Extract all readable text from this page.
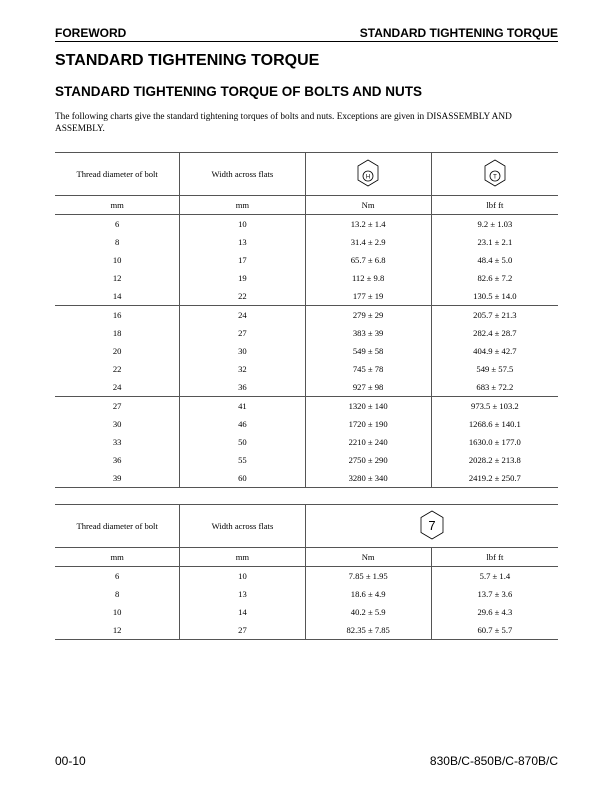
FOREWORD	STANDARD TIGHTENING TORQUE
STANDARD TIGHTENING TORQUE
STANDARD TIGHTENING TORQUE OF BOLTS AND NUTS
The following charts give the standard tightening torques of bolts and nuts. Exceptions are given in DISASSEMBLY AND ASSEMBLY.
Thread diameter of bolt	Width across flats	H	T

mm	mm	Nm	lbf ft
6	10	13.2 ± 1.4	9.2 ± 1.03
8	13	31.4 ± 2.9	23.1 ± 2.1
10	17	65.7 ± 6.8	48.4 ± 5.0
12	19	112 ± 9.8	82.6 ± 7.2
14	22	177 ± 19	130.5 ± 14.0
16	24	279 ± 29	205.7 ± 21.3
18	27	383 ± 39	282.4 ± 28.7
20	30	549 ± 58	404.9 ± 42.7
22	32	745 ± 78	549 ± 57.5
24	36	927 ± 98	683 ± 72.2
27	41	1320 ± 140	973.5 ± 103.2
30	46	1720 ± 190	1268.6 ± 140.1
33	50	2210 ± 240	1630.0 ± 177.0
36	55	2750 ± 290	2028.2 ± 213.8
39	60	3280 ± 340	2419.2 ± 250.7
Thread diameter of bolt	Width across flats	7	

mm	mm	Nm	lbf ft
6	10	7.85 ± 1.95	5.7 ± 1.4
8	13	18.6 ± 4.9	13.7 ± 3.6
10	14	40.2 ± 5.9	29.6 ± 4.3
12	27	82.35 ± 7.85	60.7 ± 5.7
00-10	830B/C-850B/C-870B/C
